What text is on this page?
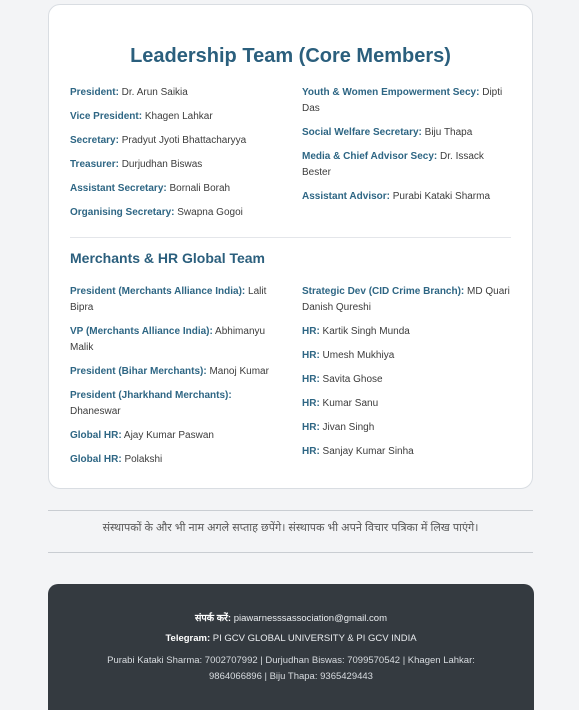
Leadership Team (Core Members)
President: Dr. Arun Saikia
Vice President: Khagen Lahkar
Secretary: Pradyut Jyoti Bhattacharyya
Treasurer: Durjudhan Biswas
Assistant Secretary: Bornali Borah
Organising Secretary: Swapna Gogoi
Youth & Women Empowerment Secy: Dipti Das
Social Welfare Secretary: Biju Thapa
Media & Chief Advisor Secy: Dr. Issack Bester
Assistant Advisor: Purabi Kataki Sharma
Merchants & HR Global Team
President (Merchants Alliance India): Lalit Bipra
VP (Merchants Alliance India): Abhimanyu Malik
President (Bihar Merchants): Manoj Kumar
President (Jharkhand Merchants): Dhaneswar
Global HR: Ajay Kumar Paswan
Global HR: Polakshi
Strategic Dev (CID Crime Branch): MD Quari Danish Qureshi
HR: Kartik Singh Munda
HR: Umesh Mukhiya
HR: Savita Ghose
HR: Kumar Sanu
HR: Jivan Singh
HR: Sanjay Kumar Sinha
संस्थापकों के और भी नाम अगले सप्ताह छपेंगे। संस्थापक भी अपने विचार पत्रिका में लिख पाएंगे।
संपर्क करें: piawarnesssassociation@gmail.com
Telegram: PI GCV GLOBAL UNIVERSITY & PI GCV INDIA
Purabi Kataki Sharma: 7002707992 | Durjudhan Biswas: 7099570542 | Khagen Lahkar: 9864066896 | Biju Thapa: 9365429443
